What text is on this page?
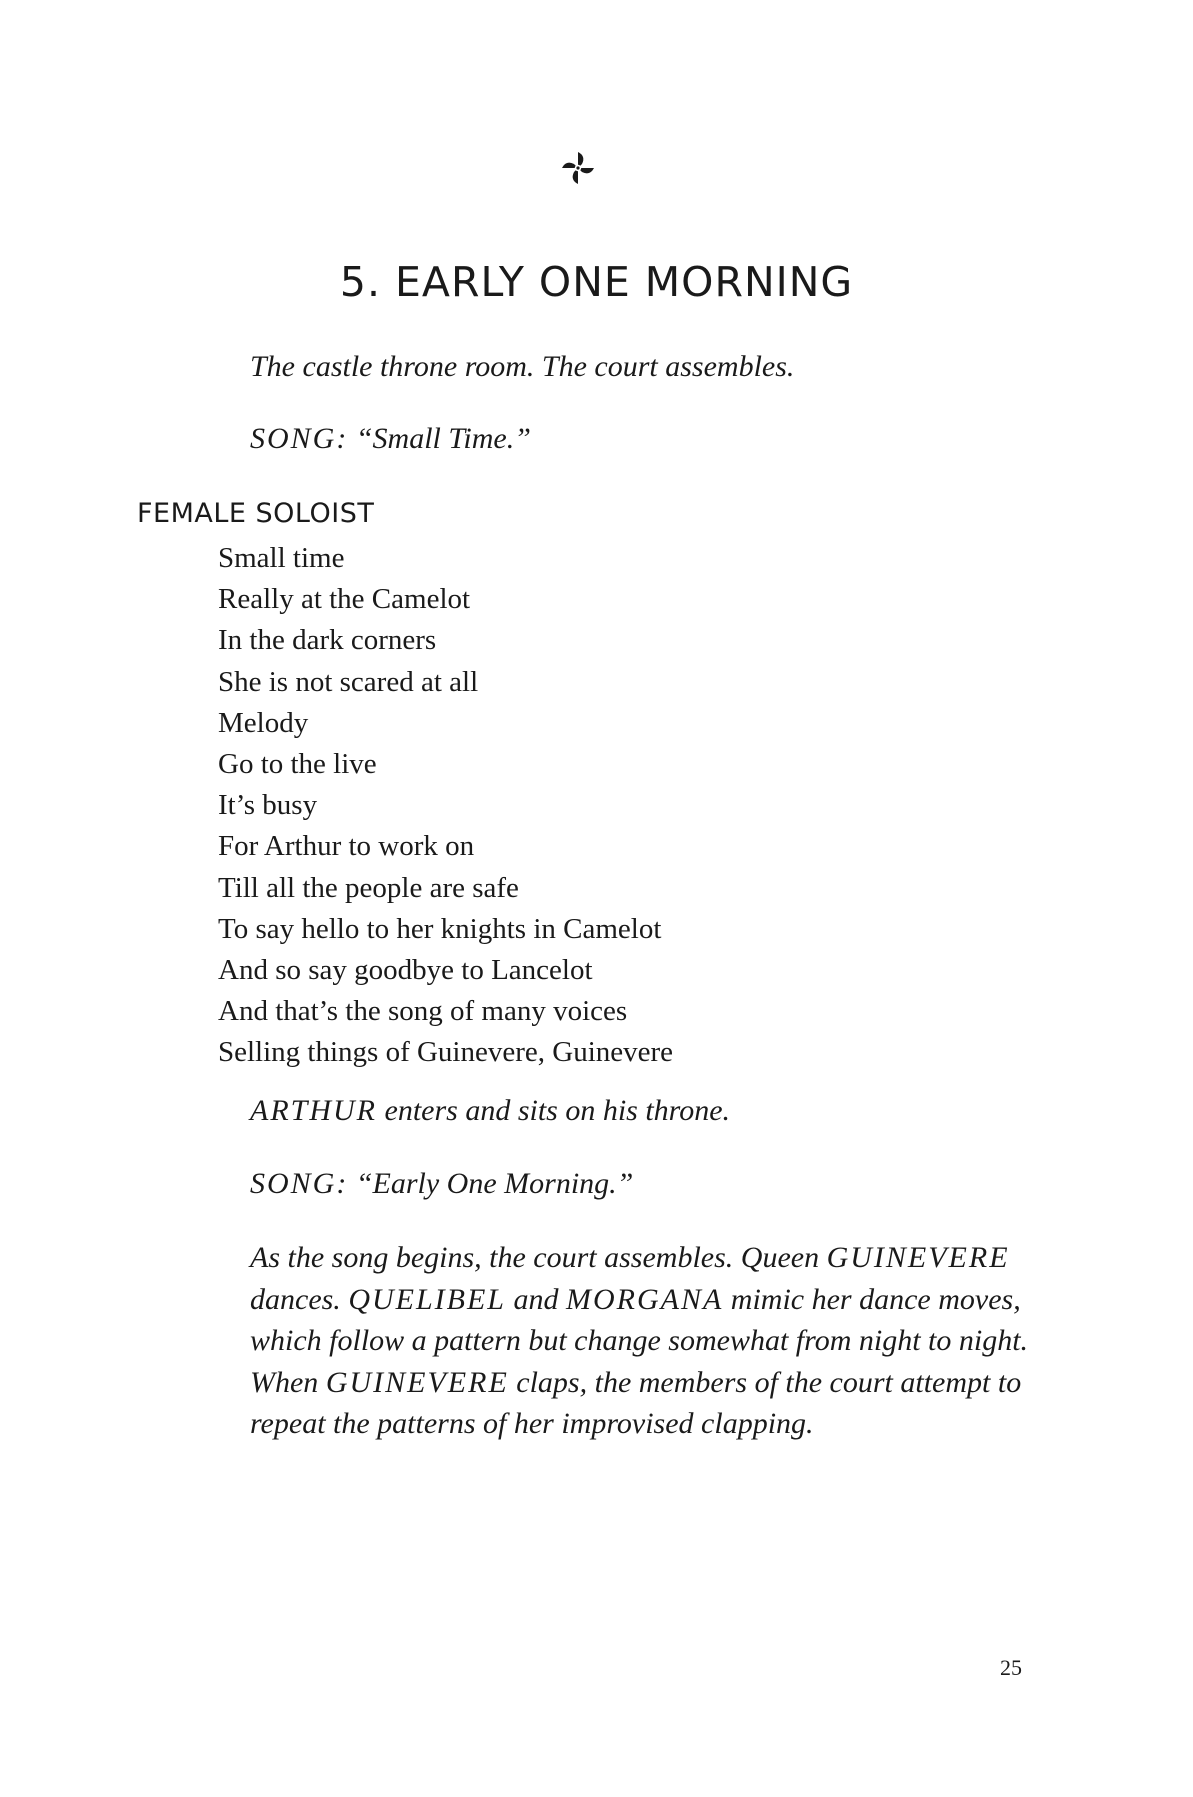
5. EARLY ONE MORNING

The castle throne room. The court assembles.

SONG: “Small Time.”

FEMALE SOLOIST

Small time
Really at the Camelot
In the dark corners
She is not scared at all
Melody
Go to the live
It’s busy
For Arthur to work on
Till all the people are safe
To say hello to her knights in Camelot
And so say goodbye to Lancelot
And that’s the song of many voices
Selling things of Guinevere, Guinevere

ARTHUR enters and sits on his throne.

SONG: “Early One Morning.”

As the song begins, the court assembles. Queen GUINEVERE dances. QUELIBEL and MORGANA mimic her dance moves, which follow a pattern but change somewhat from night to night. When GUINEVERE claps, the members of the court attempt to repeat the patterns of her improvised clapping.

25
